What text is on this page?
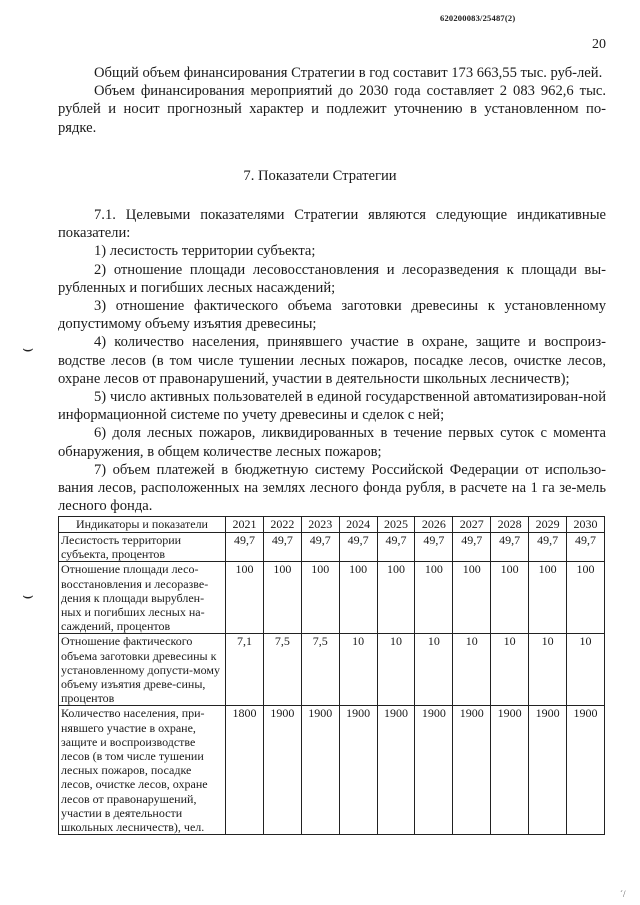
620200083/25487(2)
20

Общий объем финансирования Стратегии в год составит 173 663,55 тыс. руб-лей.

Объем финансирования мероприятий до 2030 года составляет 2 083 962,6 тыс. рублей и носит прогнозный характер и подлежит уточнению в установленном по-рядке.

7. Показатели Стратегии

7.1. Целевыми показателями Стратегии являются следующие индикативные показатели:

1) лесистость территории субъекта;

2) отношение площади лесовосстановления и лесоразведения к площади вы-рубленных и погибших лесных насаждений;

3) отношение фактического объема заготовки древесины к установленному допустимому объему изъятия древесины;

4) количество населения, принявшего участие в охране, защите и воспроиз-водстве лесов (в том числе тушении лесных пожаров, посадке лесов, очистке лесов, охране лесов от правонарушений, участии в деятельности школьных лесничеств);

5) число активных пользователей в единой государственной автоматизирован-ной информационной системе по учету древесины и сделок с ней;

6) доля лесных пожаров, ликвидированных в течение первых суток с момента обнаружения, в общем количестве лесных пожаров;

7) объем платежей в бюджетную систему Российской Федерации от использо-вания лесов, расположенных на землях лесного фонда рубля, в расчете на 1 га зе-мель лесного фонда.

⌣
⌣
Индикаторы и показатели	2021	2022	2023	2024	2025	2026	2027	2028	2029	2030
Лесистость территории субъекта, процентов	49,7	49,7	49,7	49,7	49,7	49,7	49,7	49,7	49,7	49,7
Отношение площади лесо-восстановления и лесоразве-дения к площади вырублен-ных и погибших лесных на-саждений, процентов	100	100	100	100	100	100	100	100	100	100
Отношение фактического объема заготовки древесины к установленному допусти-мому объему изъятия древе-сины, процентов	7,1	7,5	7,5	10	10	10	10	10	10	10
Количество населения, при-нявшего участие в охране, защите и воспроизводстве лесов (в том числе тушении лесных пожаров, посадке лесов, очистке лесов, охране лесов от правонарушений, участии в деятельности школьных лесничеств), чел.	1800	1900	1900	1900	1900	1900	1900	1900	1900	1900
´/
